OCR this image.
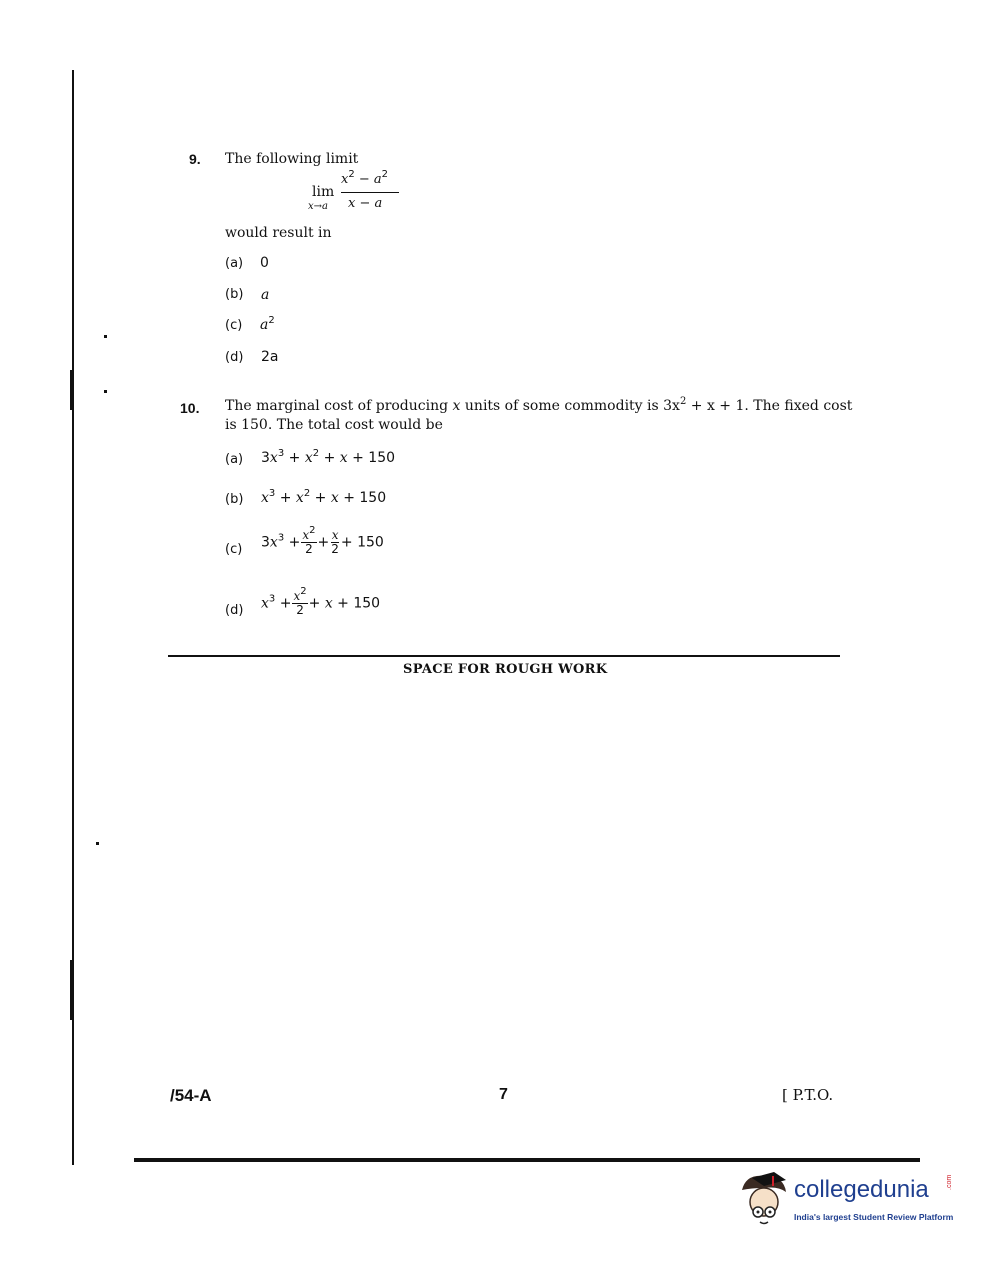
9. The following limit
lim
x→a
$x^2 - a^2$
x − a
would result in
(a) 0
(b) a
(c) $a^2$
(d) 2a
10. The marginal cost of producing x units of some commodity is $3x^2 + x + 1$. The fixed cost
is 150. The total cost would be
(a) $3x^3 + x^2 + x + 150$
(b) $x^3 + x^2 + x + 150$
(c) $3x^3 + \frac{x^2}{2} + \frac{x}{2} + 150$
(d) $x^3 + \frac{x^2}{2} + x + 150$
SPACE FOR ROUGH WORK
/54-A	7	[ P.T.O.
collegedunia .com
India's largest Student Review Platform
